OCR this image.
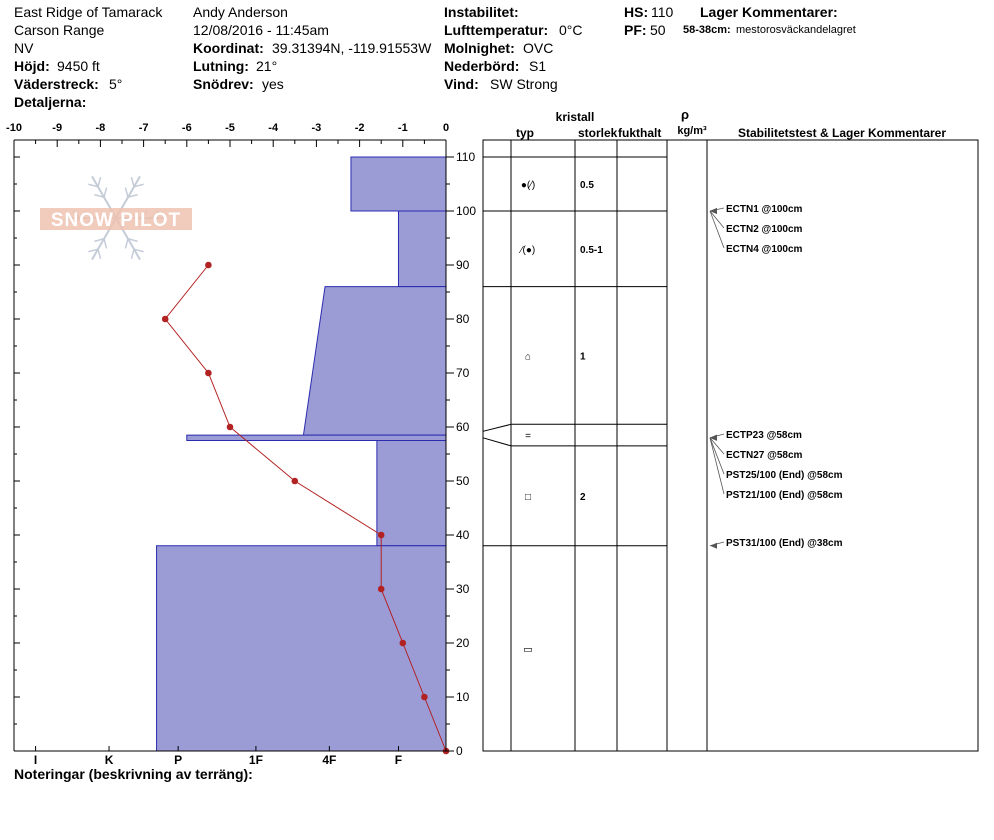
East Ridge of Tamarack
Carson Range
NV
Höjd: 9450 ft
Väderstreck: 5°
Detaljerna:
Andy Anderson
12/08/2016 - 11:45am
Koordinat: 39.31394N, -119.91553W
Lutning: 21°
Snödrev: yes
Instabilitet:
Lufttemperatur: 0°C
Molnighet: OVC
Nederbörd: S1
Vind: SW Strong
HS: 110
PF: 50
Lager Kommentarer:
58-38cm: mestorosväckandelagret
SNOW PILOT
-10	-9	-8	-7	-6	-5	-4	-3	-2	-1	0
0
10
20
30
40
50
60
70
80
90
100
110
I	K	P	1F	4F	F
kristall
typ	storlek fukthalt
ρ
kg/m³	Stabilitetstest & Lager Kommentarer
●(⁄)	0.5
⁄(●)	0.5-1
⌂	1
=
□	2
▭
ECTN1 @100cm
ECTN2 @100cm
ECTN4 @100cm
ECTP23 @58cm
ECTN27 @58cm
PST25/100 (End) @58cm
PST21/100 (End) @58cm
PST31/100 (End) @38cm
Noteringar (beskrivning av terräng):
